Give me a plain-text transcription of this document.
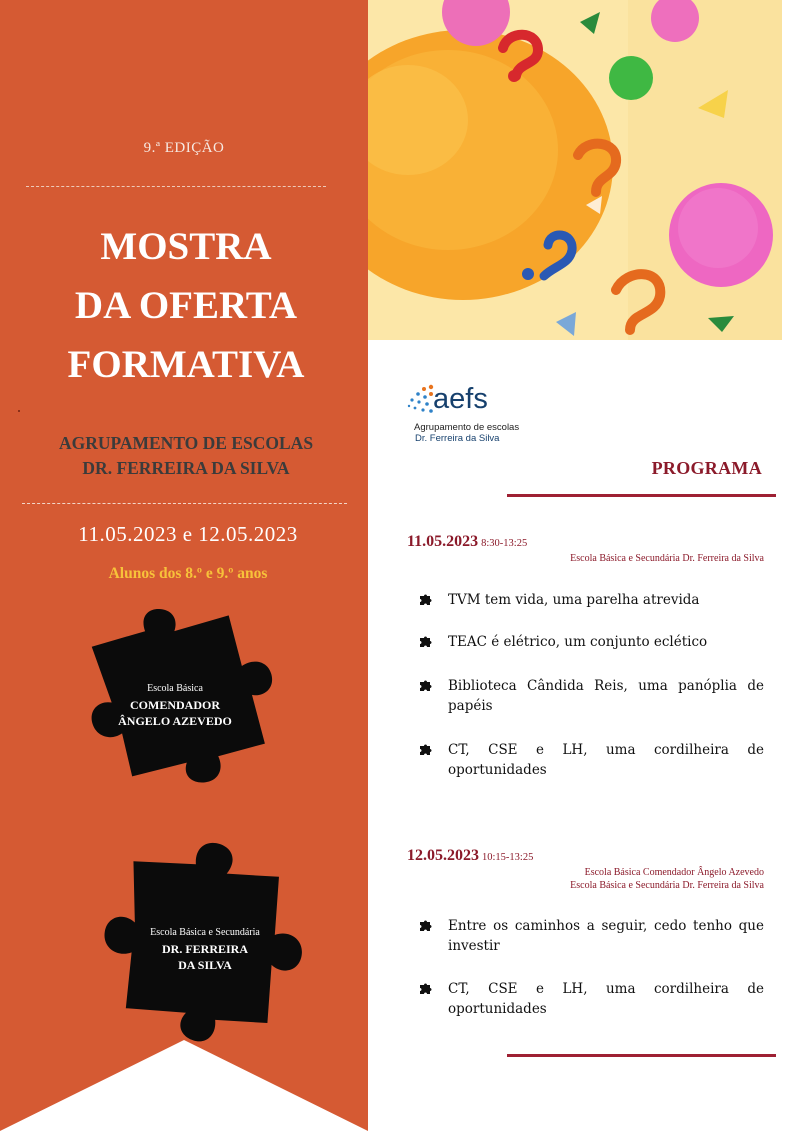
9.ª EDIÇÃO
MOSTRA
DA OFERTA
FORMATIVA
AGRUPAMENTO DE ESCOLAS
DR. FERREIRA DA SILVA
11.05.2023 e 12.05.2023
Alunos dos 8.º e 9.º anos
Escola Básica
COMENDADOR
ÂNGELO AZEVEDO
Escola Básica e Secundária
DR. FERREIRA
DA SILVA
aefs
Agrupamento de escolas
Dr. Ferreira da Silva
PROGRAMA
11.05.2023 8:30-13:25
Escola Básica e Secundária Dr. Ferreira da Silva
TVM tem vida, uma parelha atrevida
TEAC é elétrico, um conjunto eclético
Biblioteca Cândida Reis, uma panóplia de papéis
CT, CSE e LH, uma cordilheira de oportunidades
12.05.2023 10:15-13:25
Escola Básica Comendador Ângelo Azevedo
Escola Básica e Secundária Dr. Ferreira da Silva
Entre os caminhos a seguir, cedo tenho que investir
CT, CSE e LH, uma cordilheira de oportunidades
